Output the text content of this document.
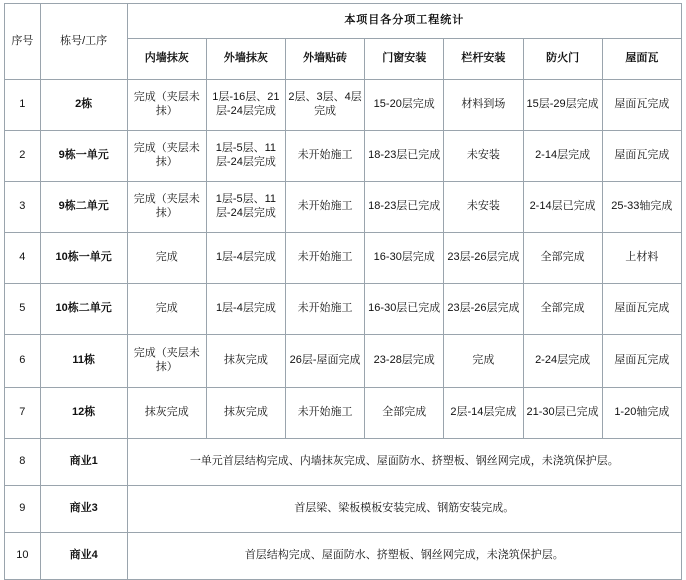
序号	栋号/工序	本项目各分项工程统计						
		内墙抹灰	外墙抹灰	外墙贴砖	门窗安装	栏杆安装	防火门	屋面瓦
1	2栋	完成（夹层未抹）	1层-16层、21层-24层完成	2层、3层、4层完成	15-20层完成	材料到场	15层-29层完成	屋面瓦完成
2	9栋一单元	完成（夹层未抹）	1层-5层、11层-24层完成	未开始施工	18-23层已完成	未安装	2-14层完成	屋面瓦完成
3	9栋二单元	完成（夹层未抹）	1层-5层、11层-24层完成	未开始施工	18-23层已完成	未安装	2-14层已完成	25-33轴完成
4	10栋一单元	完成	1层-4层完成	未开始施工	16-30层完成	23层-26层完成	全部完成	上材料
5	10栋二单元	完成	1层-4层完成	未开始施工	16-30层已完成	23层-26层完成	全部完成	屋面瓦完成
6	11栋	完成（夹层未抹）	抹灰完成	26层-屋面完成	23-28层完成	完成	2-24层完成	屋面瓦完成
7	12栋	抹灰完成	抹灰完成	未开始施工	全部完成	2层-14层完成	21-30层已完成	1-20轴完成
8	商业1	一单元首层结构完成、内墙抹灰完成、屋面防水、挤塑板、钢丝网完成，未浇筑保护层。						
9	商业3	首层梁、梁板模板安装完成、钢筋安装完成。						
10	商业4	首层结构完成、屋面防水、挤塑板、钢丝网完成，未浇筑保护层。						
